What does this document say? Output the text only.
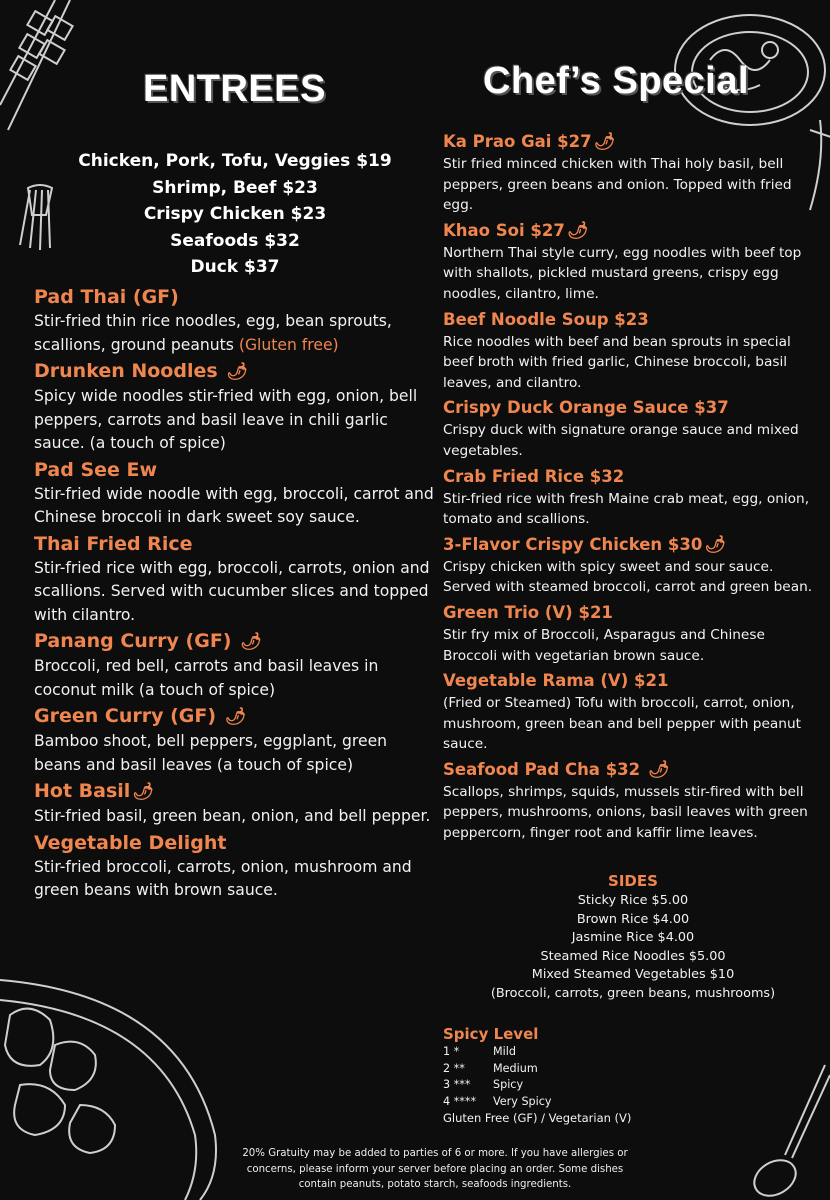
ENTREES	Chef’s Special
Chicken, Pork, Tofu, Veggies $19
Shrimp, Beef $23
Crispy Chicken $23
Seafoods $32
Duck $37
Pad Thai (GF)
Stir-fried thin rice noodles, egg, bean sprouts, scallions, ground peanuts (Gluten free)
Drunken Noodles 🌶
Spicy wide noodles stir-fried with egg, onion, bell peppers, carrots and basil leave in chili garlic sauce. (a touch of spice)
Pad See Ew
Stir-fried wide noodle with egg, broccoli, carrot and Chinese broccoli in dark sweet soy sauce.
Thai Fried Rice
Stir-fried rice with egg, broccoli, carrots, onion and scallions. Served with cucumber slices and topped with cilantro.
Panang Curry (GF) 🌶
Broccoli, red bell, carrots and basil leaves in coconut milk (a touch of spice)
Green Curry (GF) 🌶
Bamboo shoot, bell peppers, eggplant, green beans and basil leaves (a touch of spice)
Hot Basil 🌶
Stir-fried basil, green bean, onion, and bell pepper.
Vegetable Delight
Stir-fried broccoli, carrots, onion, mushroom and green beans with brown sauce.
Ka Prao Gai $27 🌶
Stir fried minced chicken with Thai holy basil, bell peppers, green beans and onion. Topped with fried egg.
Khao Soi $27 🌶
Northern Thai style curry, egg noodles with beef top with shallots, pickled mustard greens, crispy egg noodles, cilantro, lime.
Beef Noodle Soup $23
Rice noodles with beef and bean sprouts in special beef broth with fried garlic, Chinese broccoli, basil leaves, and cilantro.
Crispy Duck Orange Sauce $37
Crispy duck with signature orange sauce and mixed vegetables.
Crab Fried Rice $32
Stir-fried rice with fresh Maine crab meat, egg, onion, tomato and scallions.
3-Flavor Crispy Chicken $30 🌶
Crispy chicken with spicy sweet and sour sauce. Served with steamed broccoli, carrot and green bean.
Green Trio (V) $21
Stir fry mix of Broccoli, Asparagus and Chinese Broccoli with vegetarian brown sauce.
Vegetable Rama (V) $21
(Fried or Steamed) Tofu with broccoli, carrot, onion, mushroom, green bean and bell pepper with peanut sauce.
Seafood Pad Cha $32 🌶
Scallops, shrimps, squids, mussels stir-fired with bell peppers, mushrooms, onions, basil leaves with green peppercorn, finger root and kaffir lime leaves.
SIDES
Sticky Rice $5.00
Brown Rice $4.00
Jasmine Rice $4.00
Steamed Rice Noodles $5.00
Mixed Steamed Vegetables $10
(Broccoli, carrots, green beans, mushrooms)
Spicy Level
1 *	Mild
2 **	Medium
3 ***	Spicy
4 ****	Very Spicy
Gluten Free (GF) / Vegetarian (V)
20% Gratuity may be added to parties of 6 or more. If you have allergies or concerns, please inform your server before placing an order. Some dishes contain peanuts, potato starch, seafoods ingredients.
